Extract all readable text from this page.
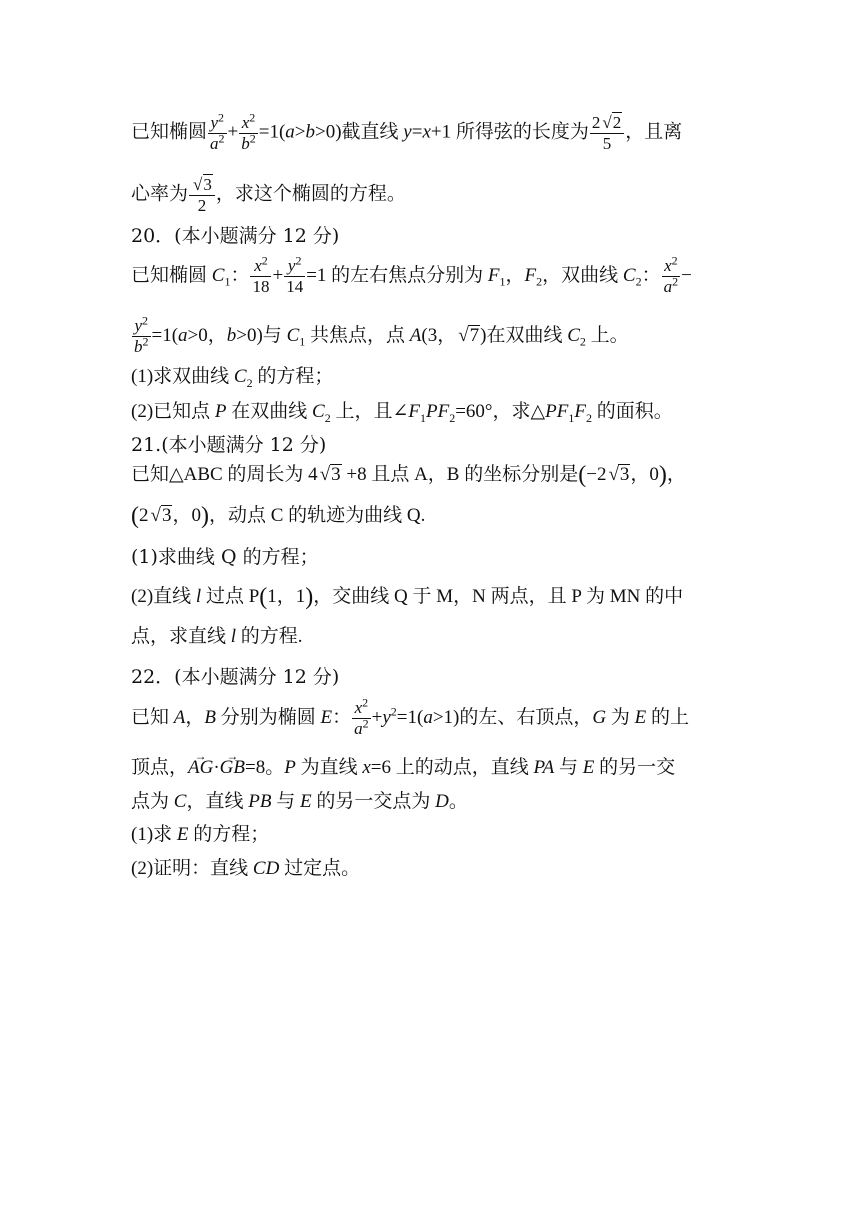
已知椭圆 $\frac{y^2}{a^2} + \frac{x^2}{b^2} =1(a>b>0)$截直线 y=x+1 所得弦的长度为 $\frac{2 √ 2}{5}$ ，且离
心率为 √ $\frac{3}{2}$ ，求这个椭圆的方程。
20．(本小题满分 12 分)
已知椭圆 $C_1$： $\frac{x^2}{18} + \frac{y^2}{14} =1$ 的左右焦点分别为 $F_1$，$F_2$，双曲线 $C_2$： $\frac{x^2}{a^2}$ −
$\frac{y^2}{b^2} =1(a>0$，b>0)与 $C_1$ 共焦点，点 A(3， √ 7)在双曲线 $C_2$ 上。
(1)求双曲线 $C_2$ 的方程；
(2)已知点 P 在双曲线 $C_2$ 上，且$\angle F_1PF_2=60^\circ$，求$\triangle PF_1F_2$ 的面积。
21.(本小题满分 12 分)
已知△ABC 的周长为 4 √ 3 +8 且点 A，B 的坐标分别是(−2 √ 3，0)，
(2 √ 3，0)，动点 C 的轨迹为曲线 Q.
(1)求曲线 Q 的方程；
(2)直线 l 过点 P(1，1)，交曲线 Q 于 M，N 两点，且 P 为 MN 的中
点，求直线 l 的方程.
22．(本小题满分 12 分)
已知 A，B 分别为椭圆 E： $\frac{x^2}{a^2} +y^2=1(a>1)$的左、右顶点，G 为 E 的上
顶点，AG →·GB →=8。P 为直线 x=6 上的动点，直线 PA 与 E 的另一交
点为 C，直线 PB 与 E 的另一交点为 D。
(1)求 E 的方程；
(2)证明：直线 CD 过定点。
